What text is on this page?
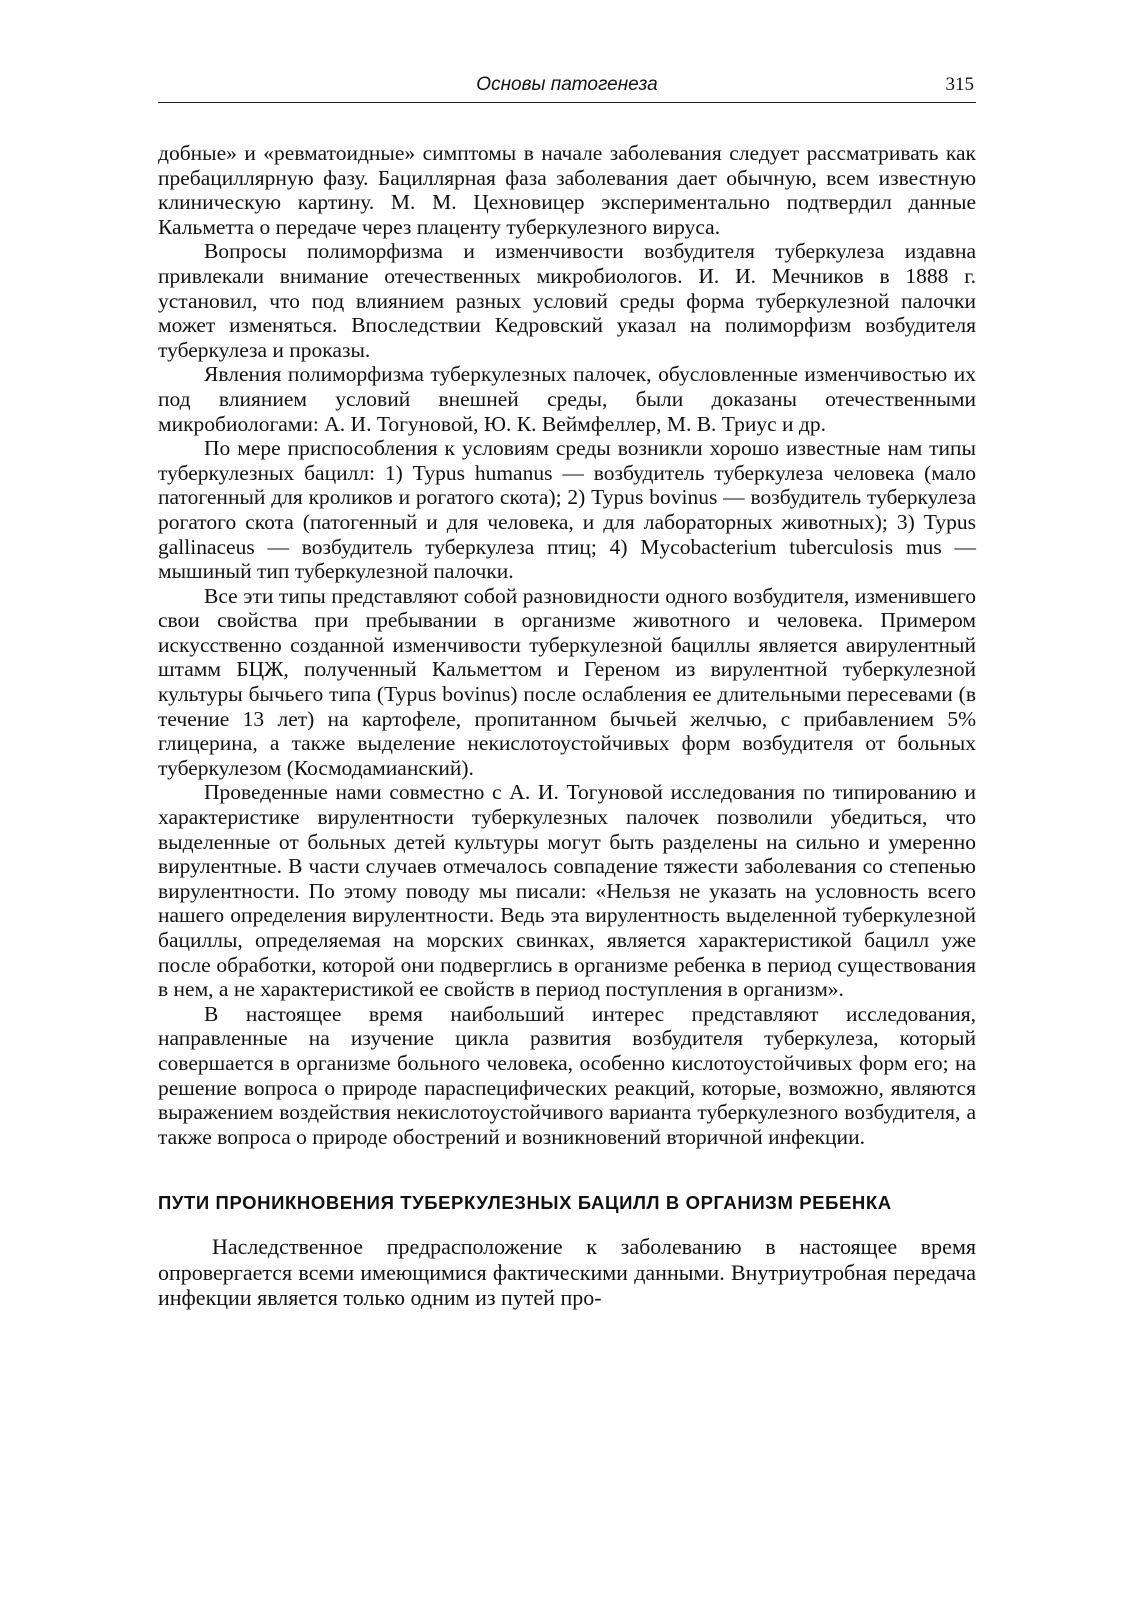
Основы патогенеза	315

добные» и «ревматоидные» симптомы в начале заболевания следует рассматривать как пребациллярную фазу. Бациллярная фаза заболевания дает обычную, всем известную клиническую картину. М. М. Цехновицер экспериментально подтвердил данные Кальметта о передаче через плаценту туберкулезного вируса.

Вопросы полиморфизма и изменчивости возбудителя туберкулеза издавна привлекали внимание отечественных микробиологов. И. И. Мечников в 1888 г. установил, что под влиянием разных условий среды форма туберкулезной палочки может изменяться. Впоследствии Кедровский указал на полиморфизм возбудителя туберкулеза и проказы.

Явления полиморфизма туберкулезных палочек, обусловленные изменчивостью их под влиянием условий внешней среды, были доказаны отечественными микробиологами: А. И. Тогуновой, Ю. К. Веймфеллер, М. В. Триус и др.

По мере приспособления к условиям среды возникли хорошо известные нам типы туберкулезных бацилл: 1) Typus humanus — возбудитель туберкулеза человека (мало патогенный для кроликов и рогатого скота); 2) Typus bovinus — возбудитель туберкулеза рогатого скота (патогенный и для человека, и для лабораторных животных); 3) Typus gallinaceus — возбудитель туберкулеза птиц; 4) Mycobacterium tuberculosis mus — мышиный тип туберкулезной палочки.

Все эти типы представляют собой разновидности одного возбудителя, изменившего свои свойства при пребывании в организме животного и человека. Примером искусственно созданной изменчивости туберкулезной бациллы является авирулентный штамм БЦЖ, полученный Кальметтом и Гереном из вирулентной туберкулезной культуры бычьего типа (Typus bovinus) после ослабления ее длительными пересевами (в течение 13 лет) на картофеле, пропитанном бычьей желчью, с прибавлением 5% глицерина, а также выделение некислотоустойчивых форм возбудителя от больных туберкулезом (Космодамианский).

Проведенные нами совместно с А. И. Тогуновой исследования по типированию и характеристике вирулентности туберкулезных палочек позволили убедиться, что выделенные от больных детей культуры могут быть разделены на сильно и умеренно вирулентные. В части случаев отмечалось совпадение тяжести заболевания со степенью вирулентности. По этому поводу мы писали: «Нельзя не указать на условность всего нашего определения вирулентности. Ведь эта вирулентность выделенной туберкулезной бациллы, определяемая на морских свинках, является характеристикой бацилл уже после обработки, которой они подверглись в организме ребенка в период существования в нем, а не характеристикой ее свойств в период поступления в организм».

В настоящее время наибольший интерес представляют исследования, направленные на изучение цикла развития возбудителя туберкулеза, который совершается в организме больного человека, особенно кислотоустойчивых форм его; на решение вопроса о природе параспецифических реакций, которые, возможно, являются выражением воздействия некислотоустойчивого варианта туберкулезного возбудителя, а также вопроса о природе обострений и возникновений вторичной инфекции.

ПУТИ ПРОНИКНОВЕНИЯ ТУБЕРКУЛЕЗНЫХ БАЦИЛЛ В ОРГАНИЗМ РЕБЕНКА

Наследственное предрасположение к заболеванию в настоящее время опровергается всеми имеющимися фактическими данными. Внутриутробная передача инфекции является только одним из путей про-
